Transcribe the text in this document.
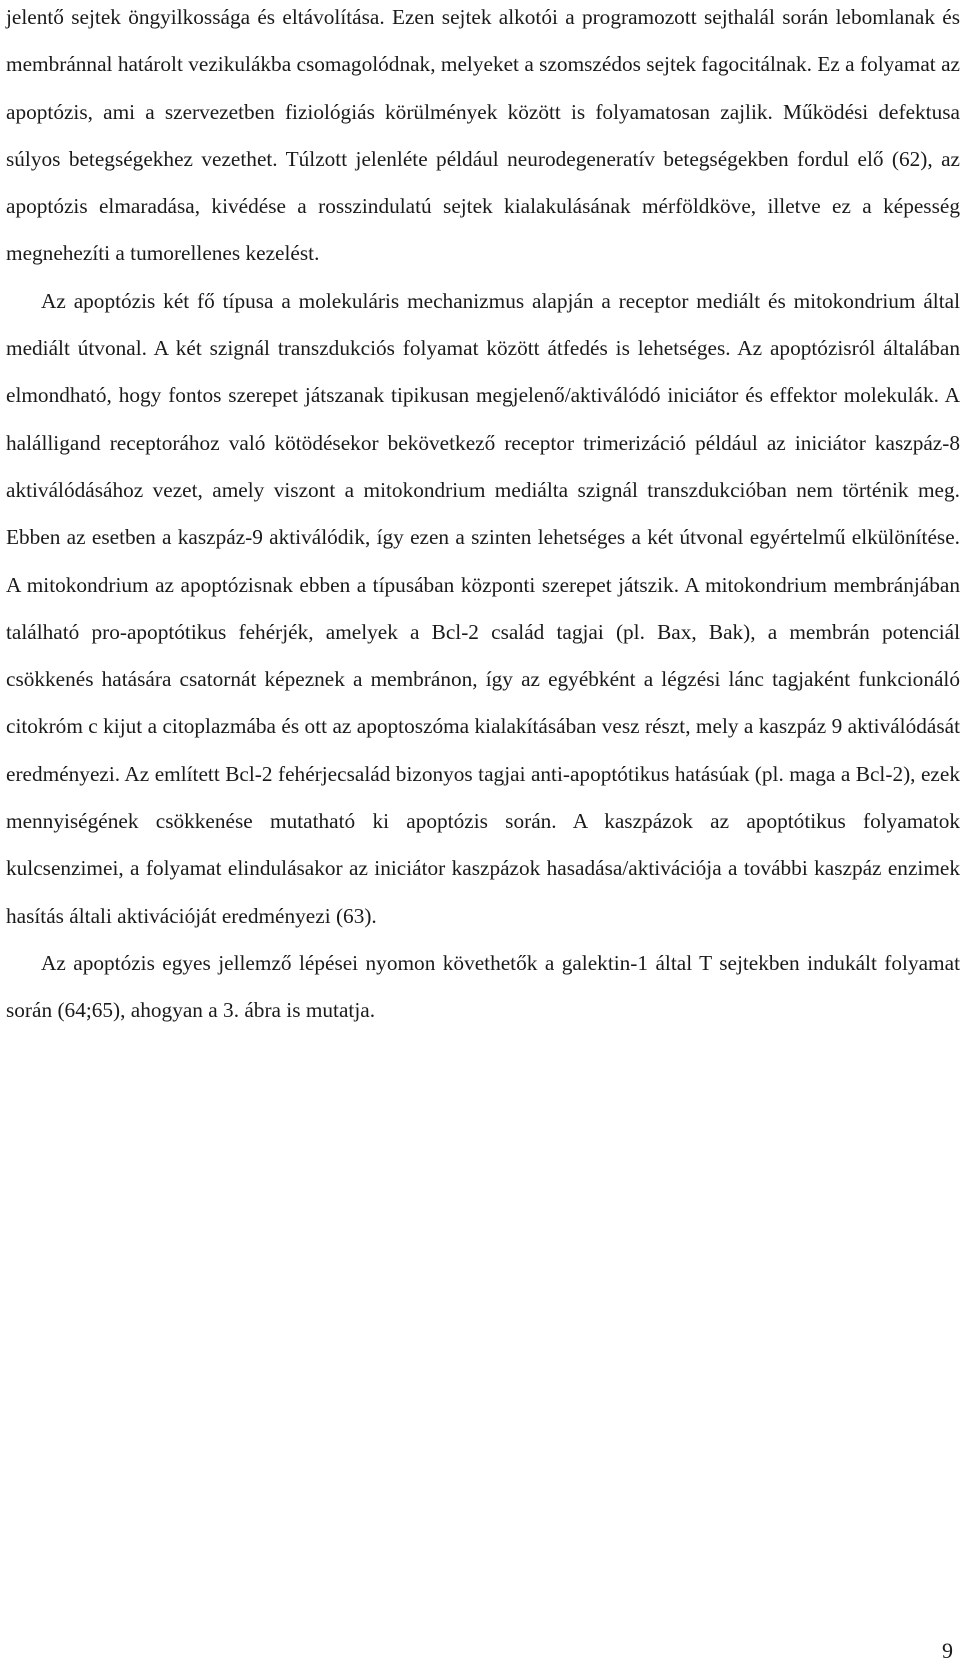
jelentő sejtek öngyilkossága és eltávolítása. Ezen sejtek alkotói a programozott sejthalál során lebomlanak és membránnal határolt vezikulákba csomagolódnak, melyeket a szomszédos sejtek fagocitálnak. Ez a folyamat az apoptózis, ami a szervezetben fiziológiás körülmények között is folyamatosan zajlik. Működési defektusa súlyos betegségekhez vezethet. Túlzott jelenléte például neurodegeneratív betegségekben fordul elő (62), az apoptózis elmaradása, kivédése a rosszindulatú sejtek kialakulásának mérföldköve, illetve ez a képesség megnehezíti a tumorellenes kezelést.

Az apoptózis két fő típusa a molekuláris mechanizmus alapján a receptor mediált és mitokondrium által mediált útvonal. A két szignál transzdukciós folyamat között átfedés is lehetséges. Az apoptózisról általában elmondható, hogy fontos szerepet játszanak tipikusan megjelenő/aktiválódó iniciátor és effektor molekulák. A halálligand receptorához való kötödésekor bekövetkező receptor trimerizáció például az iniciátor kaszpáz-8 aktiválódásához vezet, amely viszont a mitokondrium mediálta szignál transzdukcióban nem történik meg. Ebben az esetben a kaszpáz-9 aktiválódik, így ezen a szinten lehetséges a két útvonal egyértelmű elkülönítése. A mitokondrium az apoptózisnak ebben a típusában központi szerepet játszik. A mitokondrium membránjában található pro-apoptótikus fehérjék, amelyek a Bcl-2 család tagjai (pl. Bax, Bak), a membrán potenciál csökkenés hatására csatornát képeznek a membránon, így az egyébként a légzési lánc tagjaként funkcionáló citokróm c kijut a citoplazmába és ott az apoptoszóma kialakításában vesz részt, mely a kaszpáz 9 aktiválódását eredményezi. Az említett Bcl-2 fehérjecsalád bizonyos tagjai anti-apoptótikus hatásúak (pl. maga a Bcl-2), ezek mennyiségének csökkenése mutatható ki apoptózis során. A kaszpázok az apoptótikus folyamatok kulcsenzimei, a folyamat elindulásakor az iniciátor kaszpázok hasadása/aktivációja a további kaszpáz enzimek hasítás általi aktivációját eredményezi (63).

Az apoptózis egyes jellemző lépései nyomon követhetők a galektin-1 által T sejtekben indukált folyamat során (64;65), ahogyan a 3. ábra is mutatja.

9
